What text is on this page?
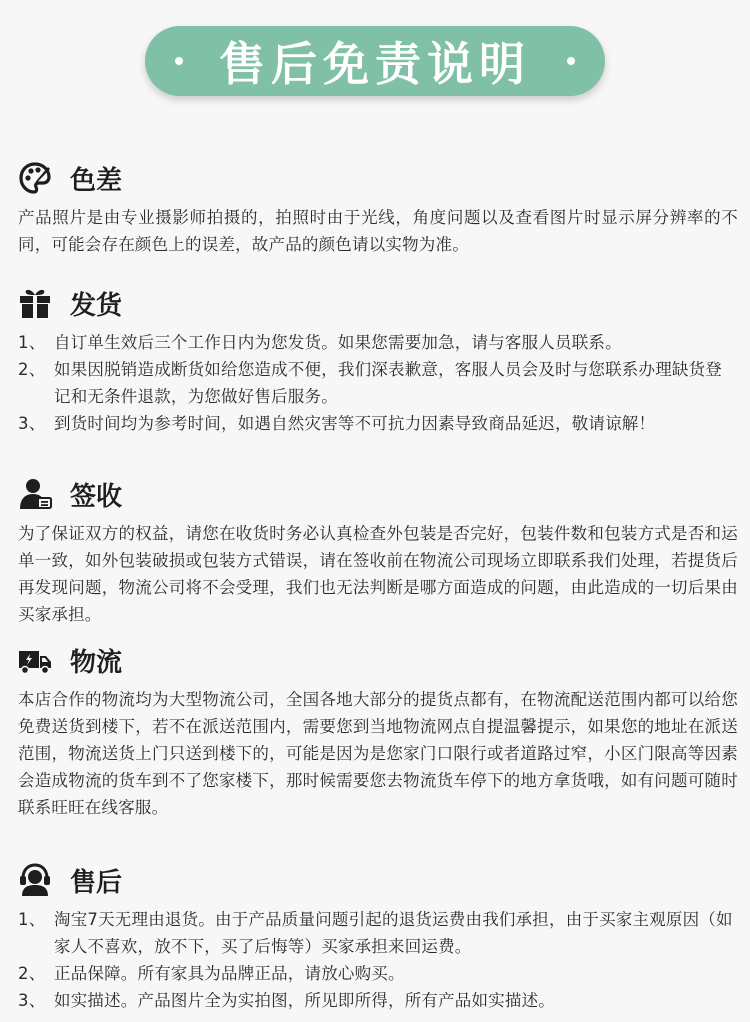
售后免责说明
色差

产品照片是由专业摄影师拍摄的，拍照时由于光线，角度问题以及查看图片时显示屏分辨率的不同，可能会存在颜色上的误差，故产品的颜色请以实物为准。

发货
1、 自订单生效后三个工作日内为您发货。如果您需要加急，请与客服人员联系。
2、 如果因脱销造成断货如给您造成不便，我们深表歉意，客服人员会及时与您联系办理缺货登记和无条件退款，为您做好售后服务。
3、 到货时间均为参考时间，如遇自然灾害等不可抗力因素导致商品延迟，敬请谅解！
签收

为了保证双方的权益，请您在收货时务必认真检查外包装是否完好，包装件数和包装方式是否和运单一致，如外包装破损或包装方式错误，请在签收前在物流公司现场立即联系我们处理，若提货后再发现问题，物流公司将不会受理，我们也无法判断是哪方面造成的问题，由此造成的一切后果由买家承担。

物流

本店合作的物流均为大型物流公司，全国各地大部分的提货点都有，在物流配送范围内都可以给您免费送货到楼下，若不在派送范围内，需要您到当地物流网点自提温馨提示，如果您的地址在派送范围，物流送货上门只送到楼下的，可能是因为是您家门口限行或者道路过窄，小区门限高等因素会造成物流的货车到不了您家楼下，那时候需要您去物流货车停下的地方拿货哦，如有问题可随时联系旺旺在线客服。

售后
1、 淘宝7天无理由退货。由于产品质量问题引起的退货运费由我们承担，由于买家主观原因（如家人不喜欢，放不下，买了后悔等）买家承担来回运费。
2、 正品保障。所有家具为品牌正品，请放心购买。
3、 如实描述。产品图片全为实拍图，所见即所得，所有产品如实描述。
